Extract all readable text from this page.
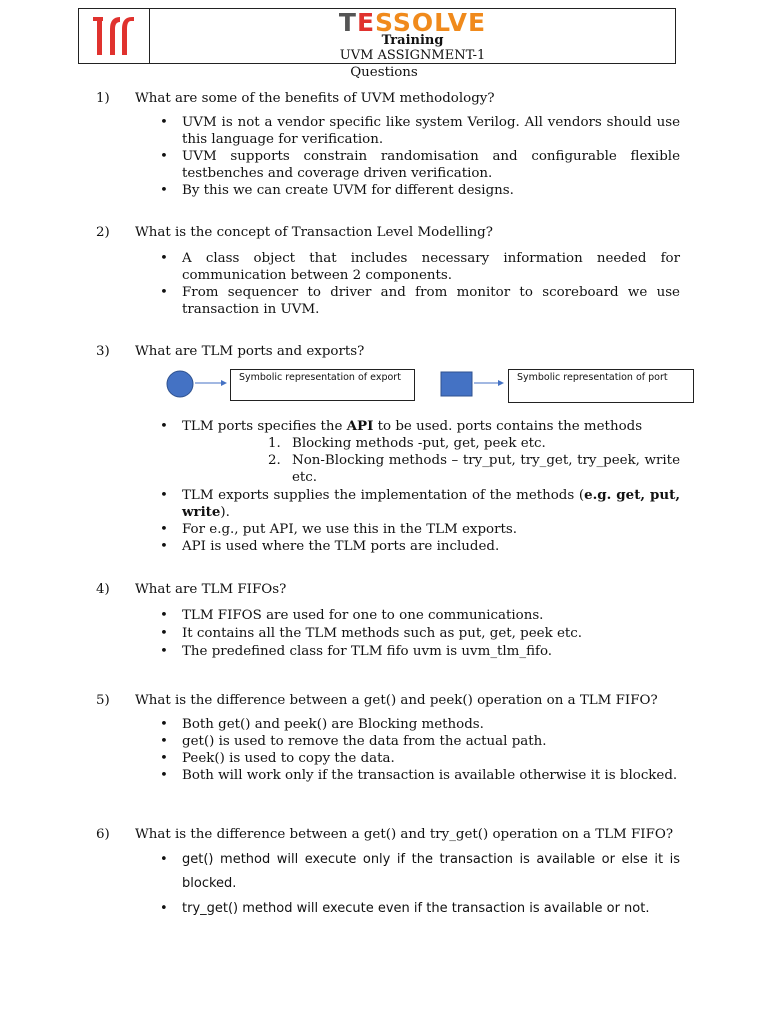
TESSOLVE
Training
UVM ASSIGNMENT-1
Questions
1) What are some of the benefits of UVM methodology?
• UVM is not a vendor specific like system Verilog. All vendors should use this language for verification.
• UVM supports constrain randomisation and configurable flexible testbenches and coverage driven verification.
• By this we can create UVM for different designs.
2) What is the concept of Transaction Level Modelling?
• A class object that includes necessary information needed for communication between 2 components.
• From sequencer to driver and from monitor to scoreboard we use transaction in UVM.
3) What are TLM ports and exports?
Symbolic representation of export	Symbolic representation of port
• TLM ports specifies the API to be used. ports contains the methods
1. Blocking methods -put, get, peek etc.
2. Non-Blocking methods – try_put, try_get, try_peek, write etc.
• TLM exports supplies the implementation of the methods (e.g. get, put, write).
• For e.g., put API, we use this in the TLM exports.
• API is used where the TLM ports are included.
4) What are TLM FIFOs?
• TLM FIFOS are used for one to one communications.
• It contains all the TLM methods such as put, get, peek etc.
• The predefined class for TLM fifo uvm is uvm_tlm_fifo.
5) What is the difference between a get() and peek() operation on a TLM FIFO?
• Both get() and peek() are Blocking methods.
• get() is used to remove the data from the actual path.
• Peek() is used to copy the data.
• Both will work only if the transaction is available otherwise it is blocked.
6) What is the difference between a get() and try_get() operation on a TLM FIFO?
• get() method will execute only if the transaction is available or else it is blocked.
• try_get() method will execute even if the transaction is available or not.
